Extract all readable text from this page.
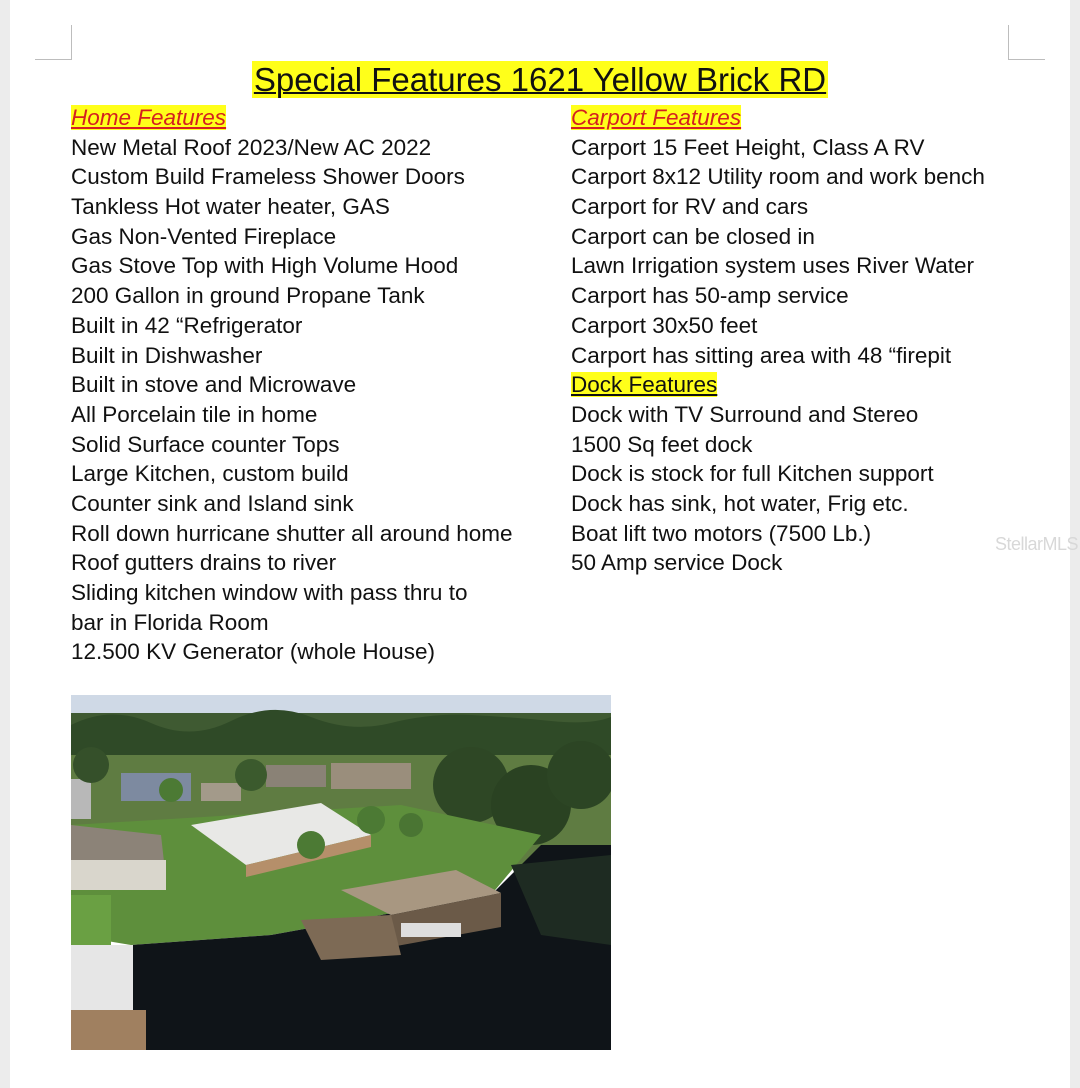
Special Features 1621 Yellow Brick RD
Home Features
New Metal Roof 2023/New AC 2022
Custom Build Frameless Shower Doors
Tankless Hot water heater, GAS
Gas Non-Vented Fireplace
Gas Stove Top with High Volume Hood
200 Gallon in ground Propane Tank
Built in 42 “Refrigerator
Built in Dishwasher
Built in stove and Microwave
All Porcelain tile in home
Solid Surface counter Tops
Large Kitchen, custom build
Counter sink and Island sink
Roll down hurricane shutter all around home
Roof gutters drains to river
Sliding kitchen window with pass thru to
bar in Florida Room
12.500 KV Generator (whole House)
Carport Features
Carport 15 Feet Height, Class A RV
Carport 8x12 Utility room and work bench
Carport for RV and cars
Carport can be closed in
Lawn Irrigation system uses River Water
Carport has 50-amp service
Carport 30x50 feet
Carport has sitting area with 48 “firepit
Dock Features
Dock with TV Surround and Stereo
1500 Sq feet dock
Dock is stock for full Kitchen support
Dock has sink, hot water, Frig etc.
Boat lift two motors (7500 Lb.)
50 Amp service Dock
StellarMLS
